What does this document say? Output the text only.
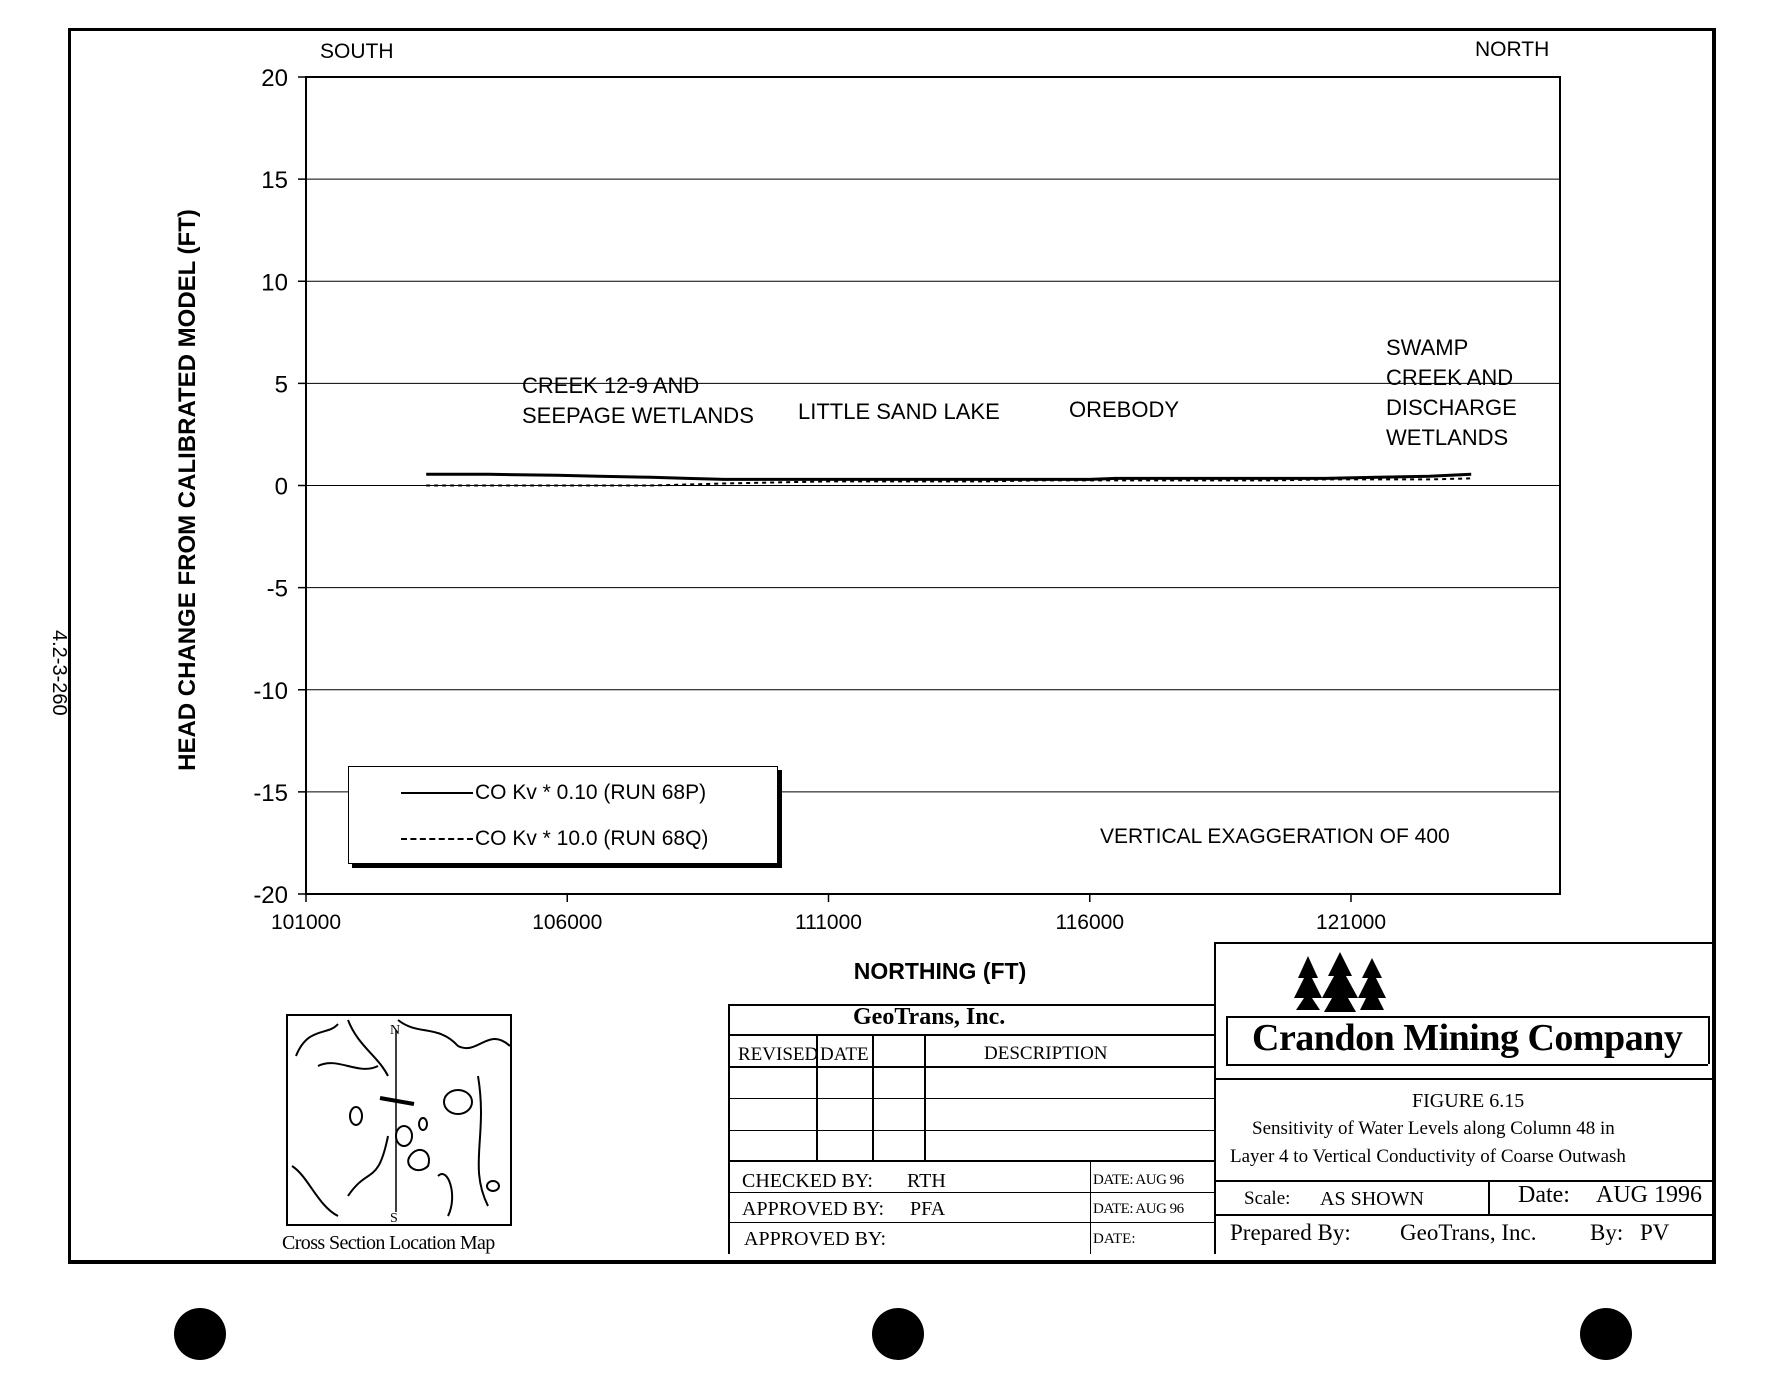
4.2-3-260
20
15
10
5
0
-5
-10
-15
-20
101000	106000	111000	116000	121000
HEAD CHANGE FROM CALIBRATED MODEL (FT)
NORTHING (FT)
SOUTH	NORTH
CREEK 12-9 AND
SEEPAGE WETLANDS LITTLE SAND LAKE	OREBODY
SWAMP
CREEK AND
DISCHARGE
WETLANDS
CO Kv * 0.10 (RUN 68P)
CO Kv * 10.0 (RUN 68Q)	VERTICAL EXAGGERATION OF 400
N
S
Cross Section Location Map
GeoTrans, Inc.
REVISED DATE	DESCRIPTION
CHECKED BY: RTH	DATE: AUG 96
APPROVED BY: PFA	DATE: AUG 96
APPROVED BY:	DATE:
Crandon Mining Company
FIGURE 6.15
Sensitivity of Water Levels along Column 48 in
Layer 4 to Vertical Conductivity of Coarse Outwash
Scale: AS SHOWN	Date: AUG 1996
Prepared By: GeoTrans, Inc. By: PV
